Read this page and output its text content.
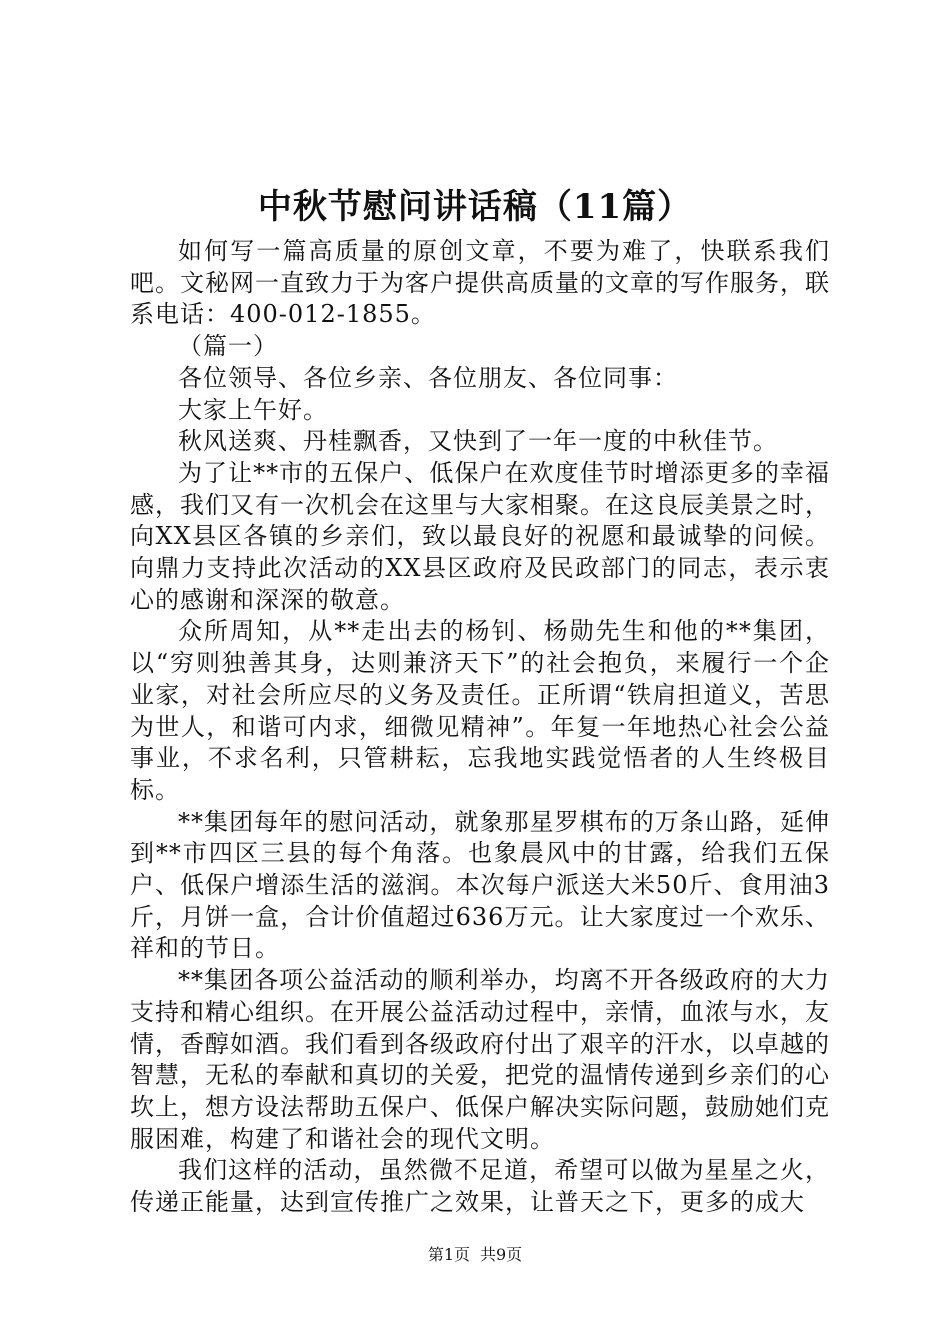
中秋节慰问讲话稿（11篇）

如何写一篇高质量的原创文章，不要为难了，快联系我们吧。文秘网一直致力于为客户提供高质量的文章的写作服务，联系电话：400-012-1855。

（篇一）

各位领导、各位乡亲、各位朋友、各位同事：

大家上午好。

秋风送爽、丹桂飘香，又快到了一年一度的中秋佳节。

为了让**市的五保户、低保户在欢度佳节时增添更多的幸福感，我们又有一次机会在这里与大家相聚。在这良辰美景之时，向XX县区各镇的乡亲们，致以最良好的祝愿和最诚挚的问候。向鼎力支持此次活动的XX县区政府及民政部门的同志，表示衷心的感谢和深深的敬意。

众所周知，从**走出去的杨钊、杨勋先生和他的**集团，以“穷则独善其身，达则兼济天下”的社会抱负，来履行一个企业家，对社会所应尽的义务及责任。正所谓“铁肩担道义，苦思为世人，和谐可内求，细微见精神”。年复一年地热心社会公益事业，不求名利，只管耕耘，忘我地实践觉悟者的人生终极目标。

**集团每年的慰问活动，就象那星罗棋布的万条山路，延伸到**市四区三县的每个角落。也象晨风中的甘露，给我们五保户、低保户增添生活的滋润。本次每户派送大米50斤、食用油3斤，月饼一盒，合计价值超过636万元。让大家度过一个欢乐、祥和的节日。

**集团各项公益活动的顺利举办，均离不开各级政府的大力支持和精心组织。在开展公益活动过程中，亲情，血浓与水，友情，香醇如酒。我们看到各级政府付出了艰辛的汗水，以卓越的智慧，无私的奉献和真切的关爱，把党的温情传递到乡亲们的心坎上，想方设法帮助五保户、低保户解决实际问题，鼓励她们克服困难，构建了和谐社会的现代文明。

我们这样的活动，虽然微不足道，希望可以做为星星之火，传递正能量，达到宣传推广之效果，让普天之下，更多的成大

第1页 共9页
